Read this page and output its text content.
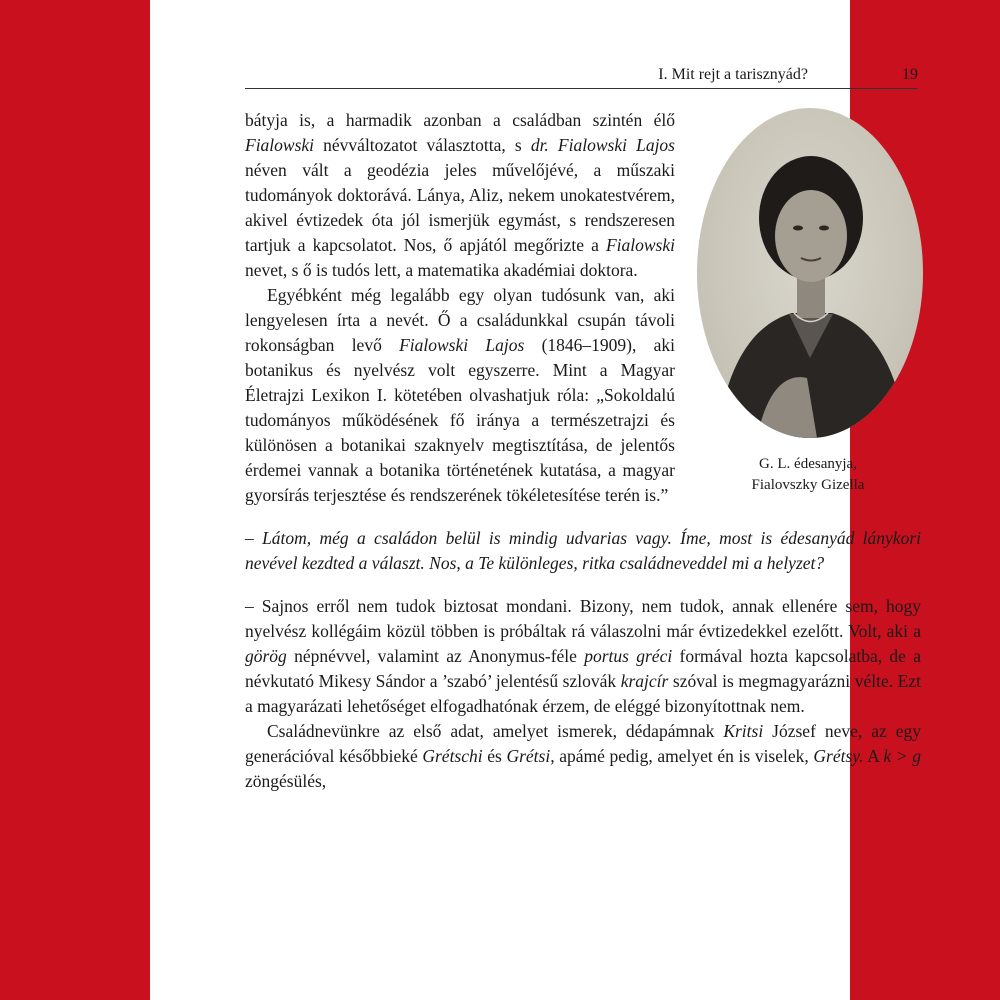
I. Mit rejt a tarisznyád?	19
G. L. édesanyja,
Fialovszky Gizella

bátyja is, a harmadik azonban a családban szintén élő Fialowski névváltozatot választotta, s dr. Fialowski Lajos néven vált a geodézia jeles művelőjévé, a műszaki tudományok doktorává. Lánya, Aliz, nekem unokatestvérem, akivel évtizedek óta jól ismerjük egymást, s rendszeresen tartjuk a kapcsolatot. Nos, ő apjától megőrizte a Fialowski nevet, s ő is tudós lett, a matematika akadémiai doktora.

Egyébként még legalább egy olyan tudósunk van, aki lengyelesen írta a nevét. Ő a családunkkal csupán távoli rokonságban levő Fialowski Lajos (1846–1909), aki botanikus és nyelvész volt egyszerre. Mint a Magyar Életrajzi Lexikon I. kötetében olvashatjuk róla: „Sokoldalú tudományos működésének fő iránya a természetrajzi és különösen a botanikai szaknyelv megtisztítása, de jelentős érdemei vannak a botanika történetének kutatása, a magyar gyorsírás terjesztése és rendszerének tökéletesítése terén is.”

– Látom, még a családon belül is mindig udvarias vagy. Íme, most is édesanyád lánykori nevével kezdted a választ. Nos, a Te különleges, ritka családneveddel mi a helyzet?

– Sajnos erről nem tudok biztosat mondani. Bizony, nem tudok, annak ellenére sem, hogy nyelvész kollégáim közül többen is próbáltak rá válaszolni már évtizedekkel ezelőtt. Volt, aki a görög népnévvel, valamint az Anonymus-féle portus gréci formával hozta kapcsolatba, de a névkutató Mikesy Sándor a ’szabó’ jelentésű szlovák krajcír szóval is megmagyarázni vélte. Ezt a magyarázati lehetőséget elfogadhatónak érzem, de eléggé bizonyítottnak nem.

Családnevünkre az első adat, amelyet ismerek, dédapámnak Kritsi József neve, az egy generációval későbbieké Grétschi és Grétsi, apámé pedig, amelyet én is viselek, Grétsy. A k > g zöngésülés,
